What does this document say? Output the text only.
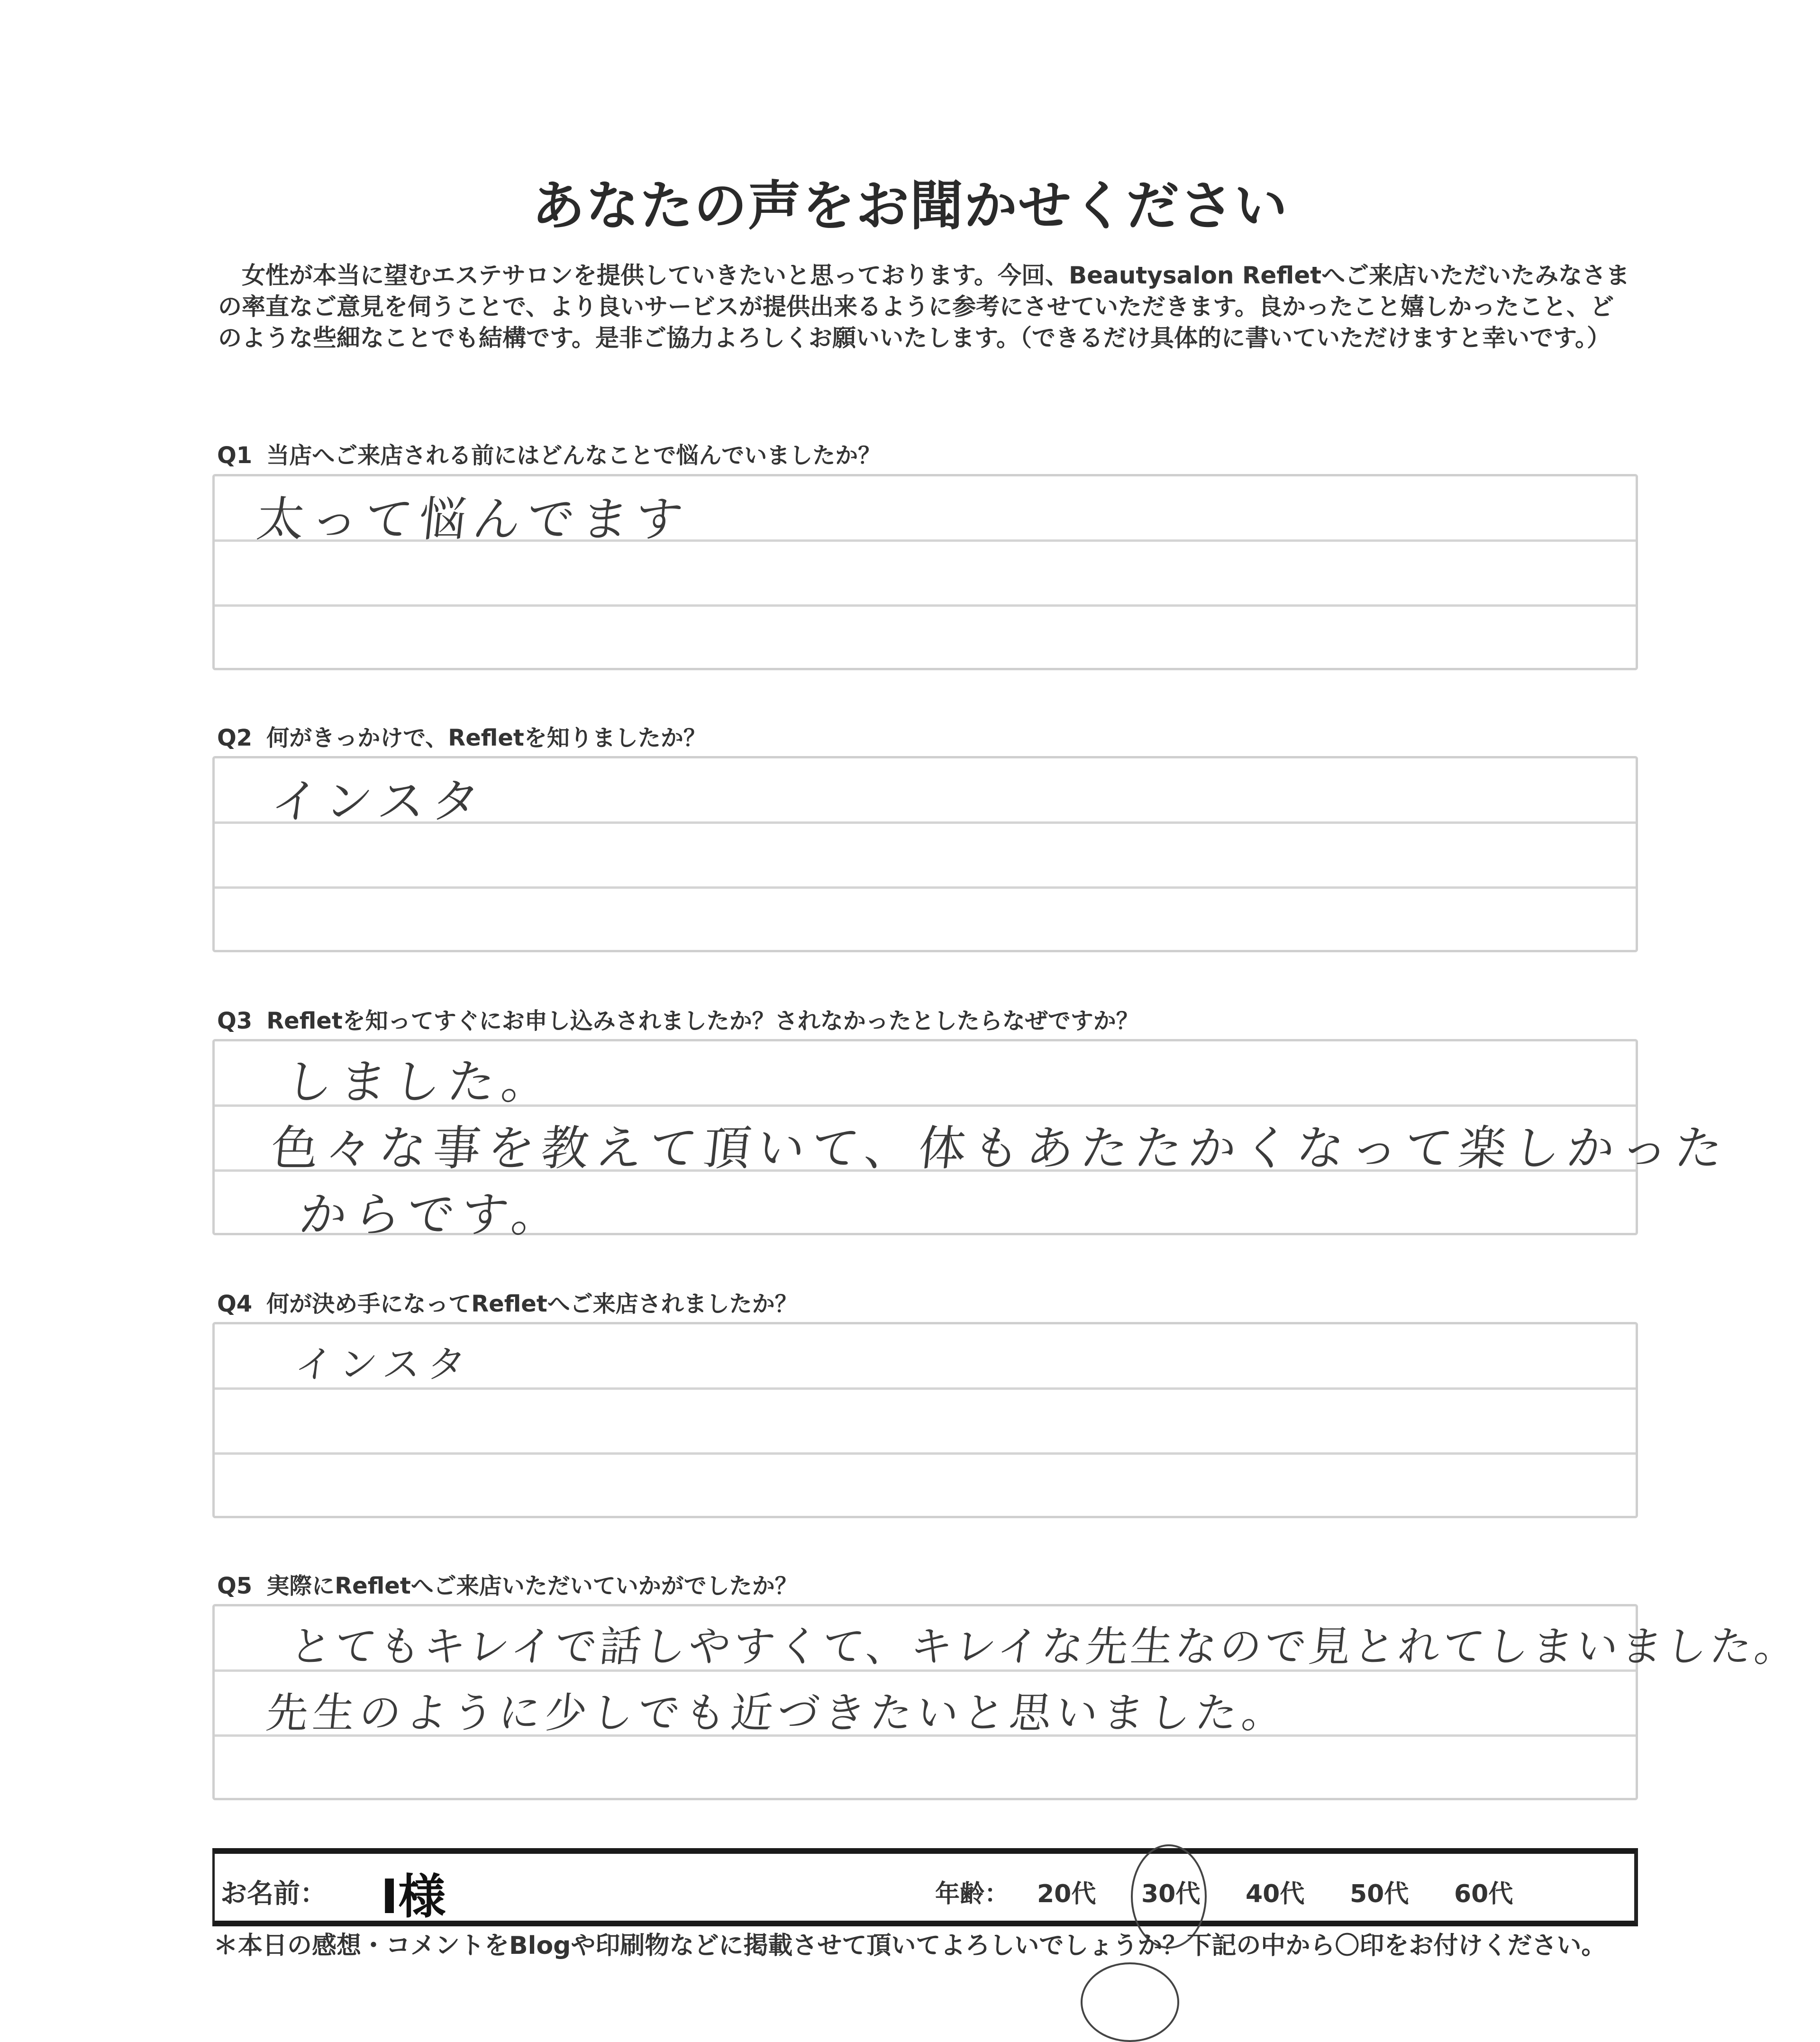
あなたの声をお聞かせください
女性が本当に望むエステサロンを提供していきたいと思っております。今回、Beautysalon Refletへご来店いただいたみなさまの率直なご意見を伺うことで、より良いサービスが提供出来るように参考にさせていただきます。良かったこと嬉しかったこと、どのような些細なことでも結構です。是非ご協力よろしくお願いいたします。（できるだけ具体的に書いていただけますと幸いです。）
Q1 当店へご来店される前にはどんなことで悩んでいましたか？
太って悩んでます
Q2 何がきっかけで、Refletを知りましたか？
インスタ
Q3 Refletを知ってすぐにお申し込みされましたか？されなかったとしたらなぜですか？
しました。
色々な事を教えて頂いて、体もあたたかくなって楽しかった
からです。
Q4 何が決め手になってRefletへご来店されましたか？
インスタ
Q5 実際にRefletへご来店いただいていかがでしたか？
とてもキレイで話しやすくて、キレイな先生なので見とれてしまいました。
先生のように少しでも近づきたいと思いました。
お名前： I様	年齢： 20代 30代 40代 50代 60代
＊本日の感想・コメントをBlogや印刷物などに掲載させて頂いてよろしいでしょうか？下記の中から〇印をお付けください。
